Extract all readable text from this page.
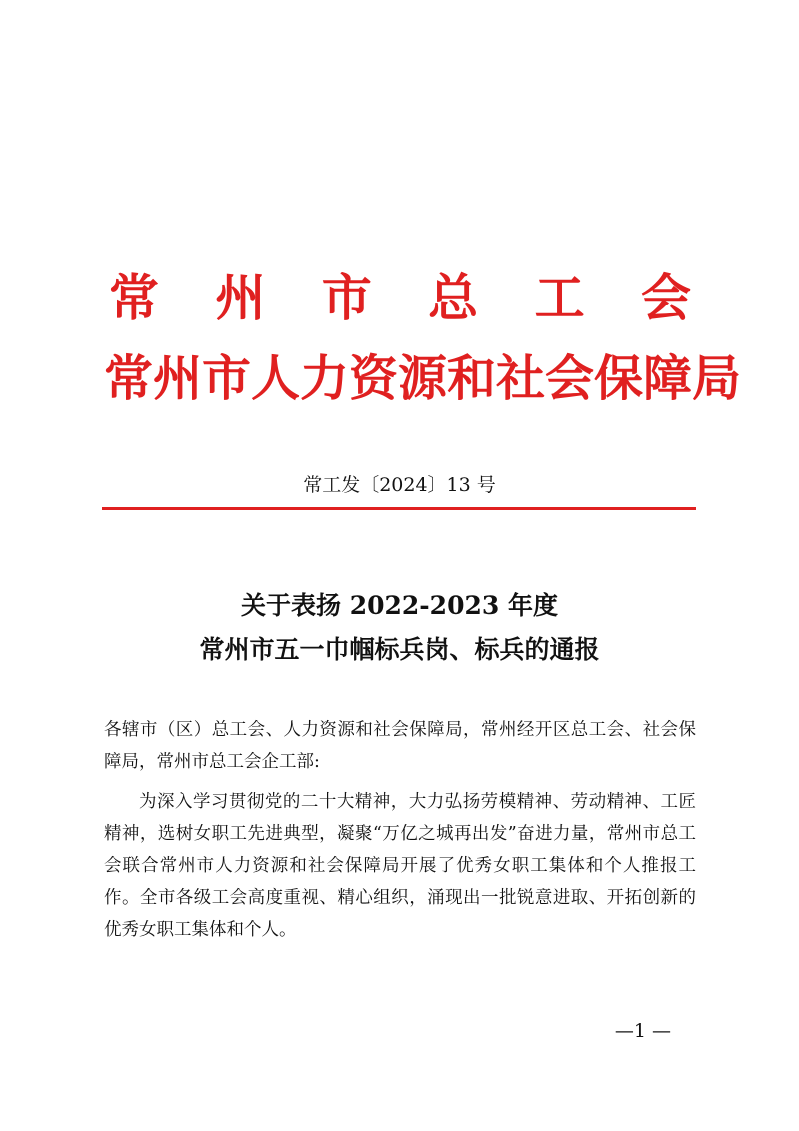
常 州 市 总 工 会
常州市人力资源和社会保障局
常工发〔2024〕13 号
关于表扬 2022-2023 年度
常州市五一巾帼标兵岗、标兵的通报

各辖市（区）总工会、人力资源和社会保障局，常州经开区总工会、社会保障局，常州市总工会企工部:

为深入学习贯彻党的二十大精神，大力弘扬劳模精神、劳动精神、工匠精神，选树女职工先进典型，凝聚“万亿之城再出发”奋进力量，常州市总工会联合常州市人力资源和社会保障局开展了优秀女职工集体和个人推报工作。全市各级工会高度重视、精心组织，涌现出一批锐意进取、开拓创新的优秀女职工集体和个人。

—1 —
